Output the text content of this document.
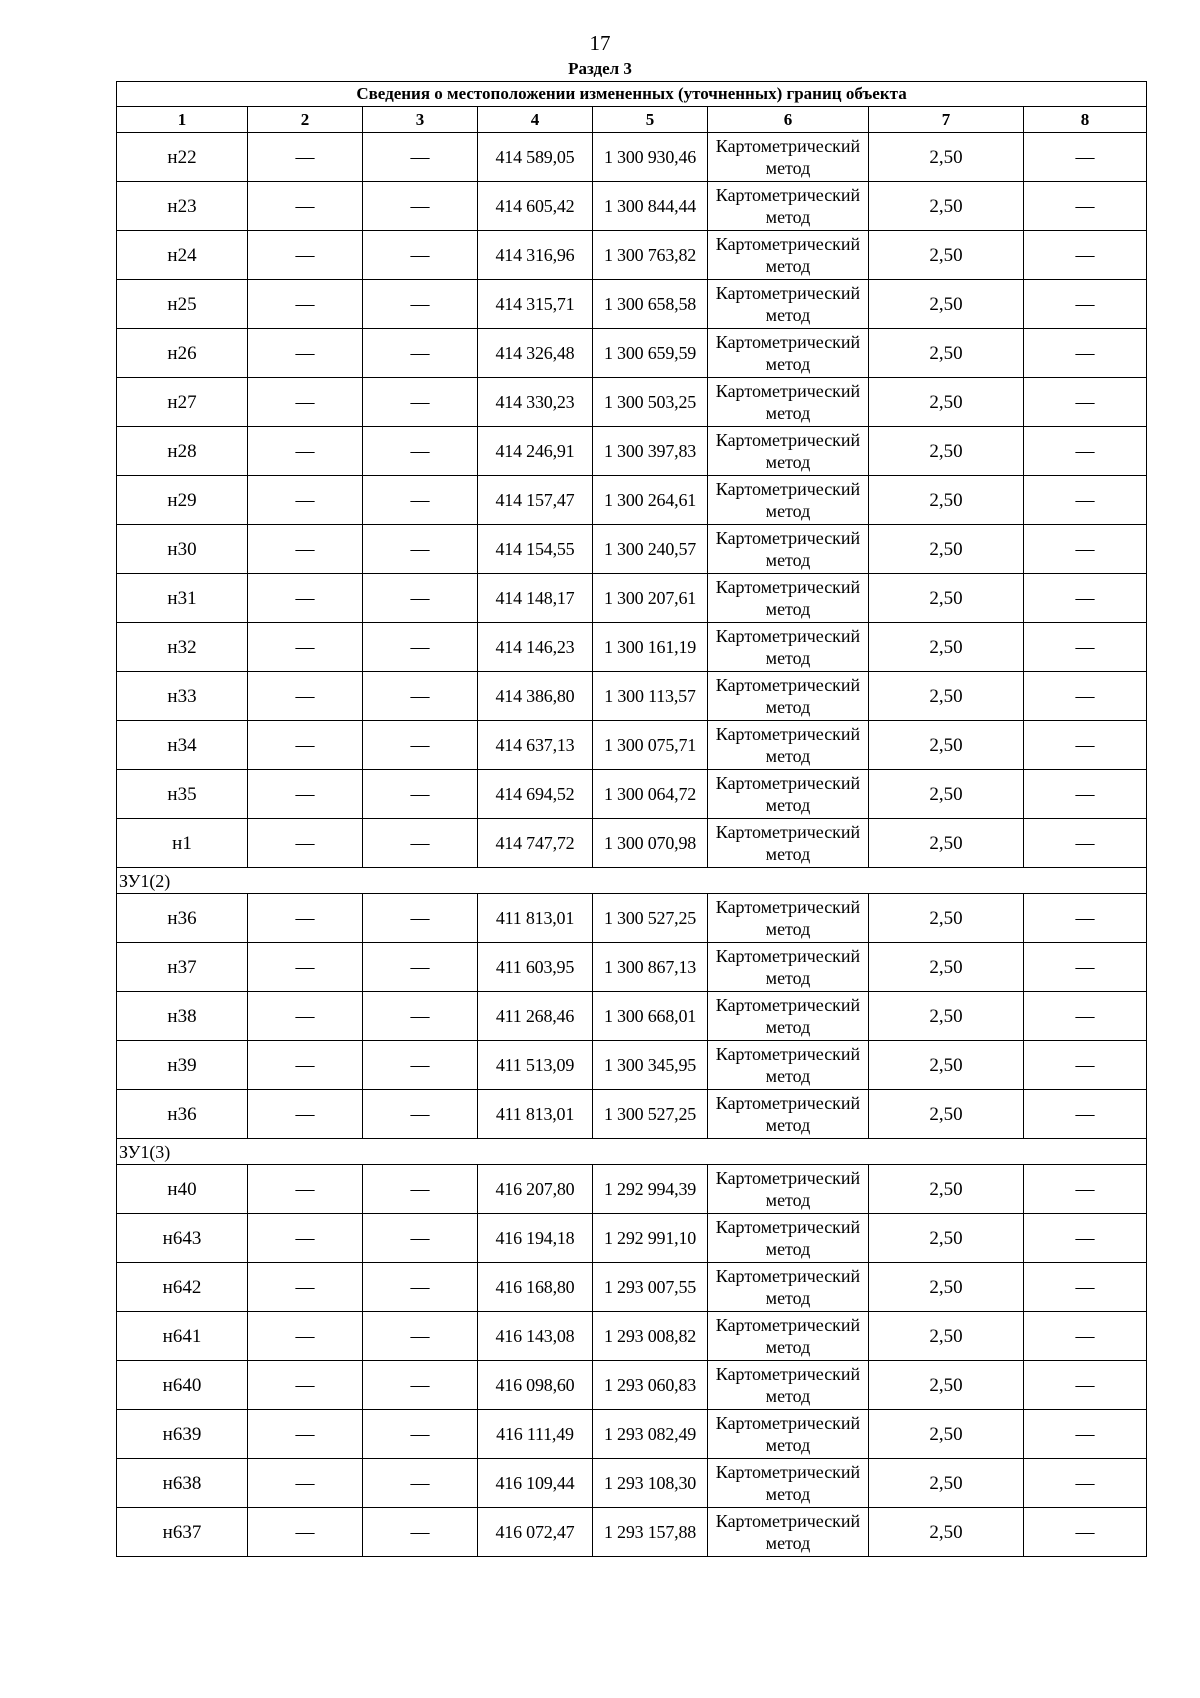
17
Раздел 3
Сведения о местоположении измененных (уточненных) границ объекта							
1	2	3	4	5	6	7	8
н22	—	—	414 589,05	1 300 930,46	Картометрический метод	2,50	—
н23	—	—	414 605,42	1 300 844,44	Картометрический метод	2,50	—
н24	—	—	414 316,96	1 300 763,82	Картометрический метод	2,50	—
н25	—	—	414 315,71	1 300 658,58	Картометрический метод	2,50	—
н26	—	—	414 326,48	1 300 659,59	Картометрический метод	2,50	—
н27	—	—	414 330,23	1 300 503,25	Картометрический метод	2,50	—
н28	—	—	414 246,91	1 300 397,83	Картометрический метод	2,50	—
н29	—	—	414 157,47	1 300 264,61	Картометрический метод	2,50	—
н30	—	—	414 154,55	1 300 240,57	Картометрический метод	2,50	—
н31	—	—	414 148,17	1 300 207,61	Картометрический метод	2,50	—
н32	—	—	414 146,23	1 300 161,19	Картометрический метод	2,50	—
н33	—	—	414 386,80	1 300 113,57	Картометрический метод	2,50	—
н34	—	—	414 637,13	1 300 075,71	Картометрический метод	2,50	—
н35	—	—	414 694,52	1 300 064,72	Картометрический метод	2,50	—
н1	—	—	414 747,72	1 300 070,98	Картометрический метод	2,50	—
ЗУ1(2)							
н36	—	—	411 813,01	1 300 527,25	Картометрический метод	2,50	—
н37	—	—	411 603,95	1 300 867,13	Картометрический метод	2,50	—
н38	—	—	411 268,46	1 300 668,01	Картометрический метод	2,50	—
н39	—	—	411 513,09	1 300 345,95	Картометрический метод	2,50	—
н36	—	—	411 813,01	1 300 527,25	Картометрический метод	2,50	—
ЗУ1(3)							
н40	—	—	416 207,80	1 292 994,39	Картометрический метод	2,50	—
н643	—	—	416 194,18	1 292 991,10	Картометрический метод	2,50	—
н642	—	—	416 168,80	1 293 007,55	Картометрический метод	2,50	—
н641	—	—	416 143,08	1 293 008,82	Картометрический метод	2,50	—
н640	—	—	416 098,60	1 293 060,83	Картометрический метод	2,50	—
н639	—	—	416 111,49	1 293 082,49	Картометрический метод	2,50	—
н638	—	—	416 109,44	1 293 108,30	Картометрический метод	2,50	—
н637	—	—	416 072,47	1 293 157,88	Картометрический метод	2,50	—
